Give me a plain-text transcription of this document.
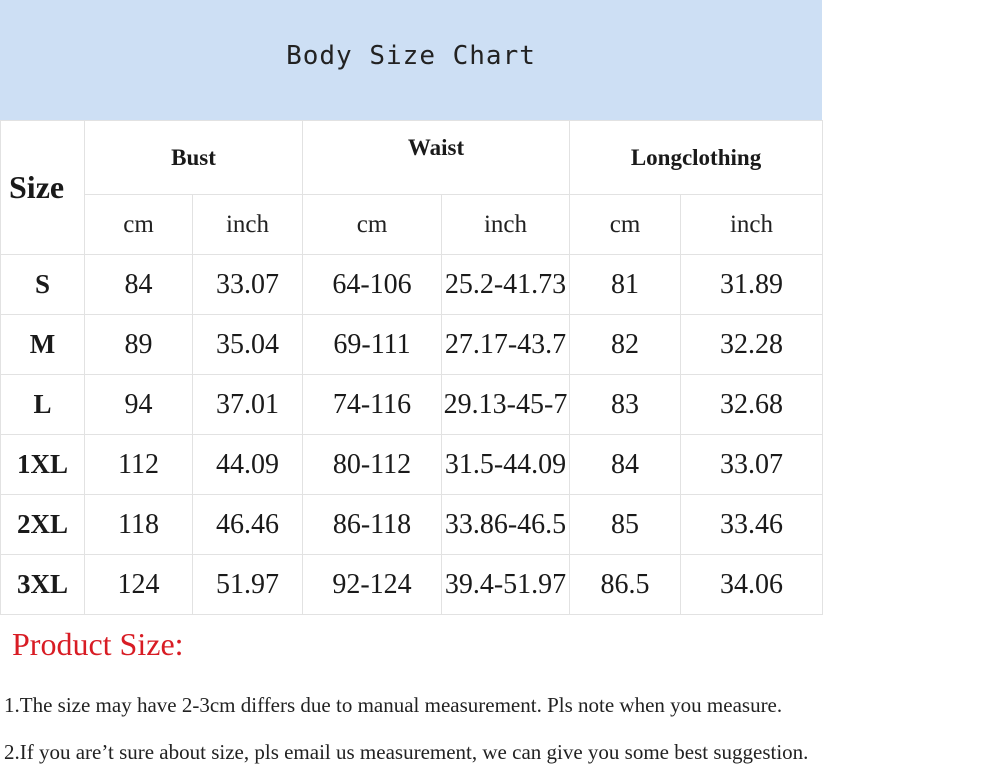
Body Size Chart
Size	Bust		Waist		Longclothing	
	cm	inch	cm	inch	cm	inch
S	84	33.07	64-106	25.2-41.73	81	31.89
M	89	35.04	69-111	27.17-43.7	82	32.28
L	94	37.01	74-116	29.13-45-7	83	32.68
1XL	112	44.09	80-112	31.5-44.09	84	33.07
2XL	118	46.46	86-118	33.86-46.5	85	33.46
3XL	124	51.97	92-124	39.4-51.97	86.5	34.06
Product Size:
1.The size may have 2-3cm differs due to manual measurement. Pls note when you measure.
2.If you are’t sure about size, pls email us measurement, we can give you some best suggestion.
